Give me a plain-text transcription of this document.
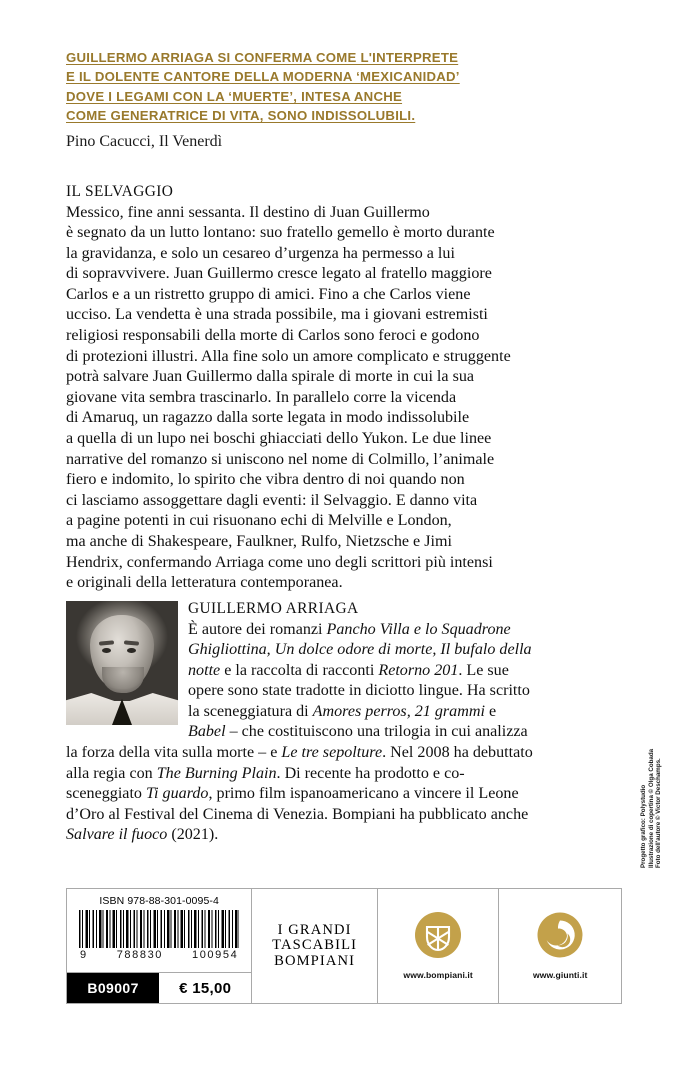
GUILLERMO ARRIAGA SI CONFERMA COME L'INTERPRETE
E IL DOLENTE CANTORE DELLA MODERNA ‘MEXICANIDAD’
DOVE I LEGAMI CON LA ‘MUERTE’, INTESA ANCHE
COME GENERATRICE DI VITA, SONO INDISSOLUBILI.
Pino Cacucci, Il Venerdì
IL SELVAGGIO
Messico, fine anni sessanta. Il destino di Juan Guillermo
è segnato da un lutto lontano: suo fratello gemello è morto durante
la gravidanza, e solo un cesareo d’urgenza ha permesso a lui
di sopravvivere. Juan Guillermo cresce legato al fratello maggiore
Carlos e a un ristretto gruppo di amici. Fino a che Carlos viene
ucciso. La vendetta è una strada possibile, ma i giovani estremisti
religiosi responsabili della morte di Carlos sono feroci e godono
di protezioni illustri. Alla fine solo un amore complicato e struggente
potrà salvare Juan Guillermo dalla spirale di morte in cui la sua
giovane vita sembra trascinarlo. In parallelo corre la vicenda
di Amaruq, un ragazzo dalla sorte legata in modo indissolubile
a quella di un lupo nei boschi ghiacciati dello Yukon. Le due linee
narrative del romanzo si uniscono nel nome di Colmillo, l’animale
fiero e indomito, lo spirito che vibra dentro di noi quando non
ci lasciamo assoggettare dagli eventi: il Selvaggio. E danno vita
a pagine potenti in cui risuonano echi di Melville e London,
ma anche di Shakespeare, Faulkner, Rulfo, Nietzsche e Jimi
Hendrix, confermando Arriaga come uno degli scrittori più intensi
e originali della letteratura contemporanea.
GUILLERMO ARRIAGA
È autore dei romanzi Pancho Villa e lo Squadrone Ghigliottina, Un dolce odore di morte, Il bufalo della notte e la raccolta di racconti Retorno 201. Le sue opere sono state tradotte in diciotto lingue. Ha scritto la sceneggiatura di Amores perros, 21 grammi e Babel – che costituiscono una trilogia in cui analizza la forza della vita sulla morte – e Le tre sepolture. Nel 2008 ha debuttato alla regia con The Burning Plain. Di recente ha prodotto e co-sceneggiato Ti guardo, primo film ispanoamericano a vincere il Leone d’Oro al Festival del Cinema di Venezia. Bompiani ha pubblicato anche Salvare il fuoco (2021).
ISBN 978-88-301-0095-4
9	788830	100954
B09007	€ 15,00
I GRANDI
TASCABILI
BOMPIANI
www.bompiani.it	www.giunti.it
Progetto grafico: Polystudio Illustrazione di copertina © Olga Cobada Foto dell'autore © Victor Deschamps.
